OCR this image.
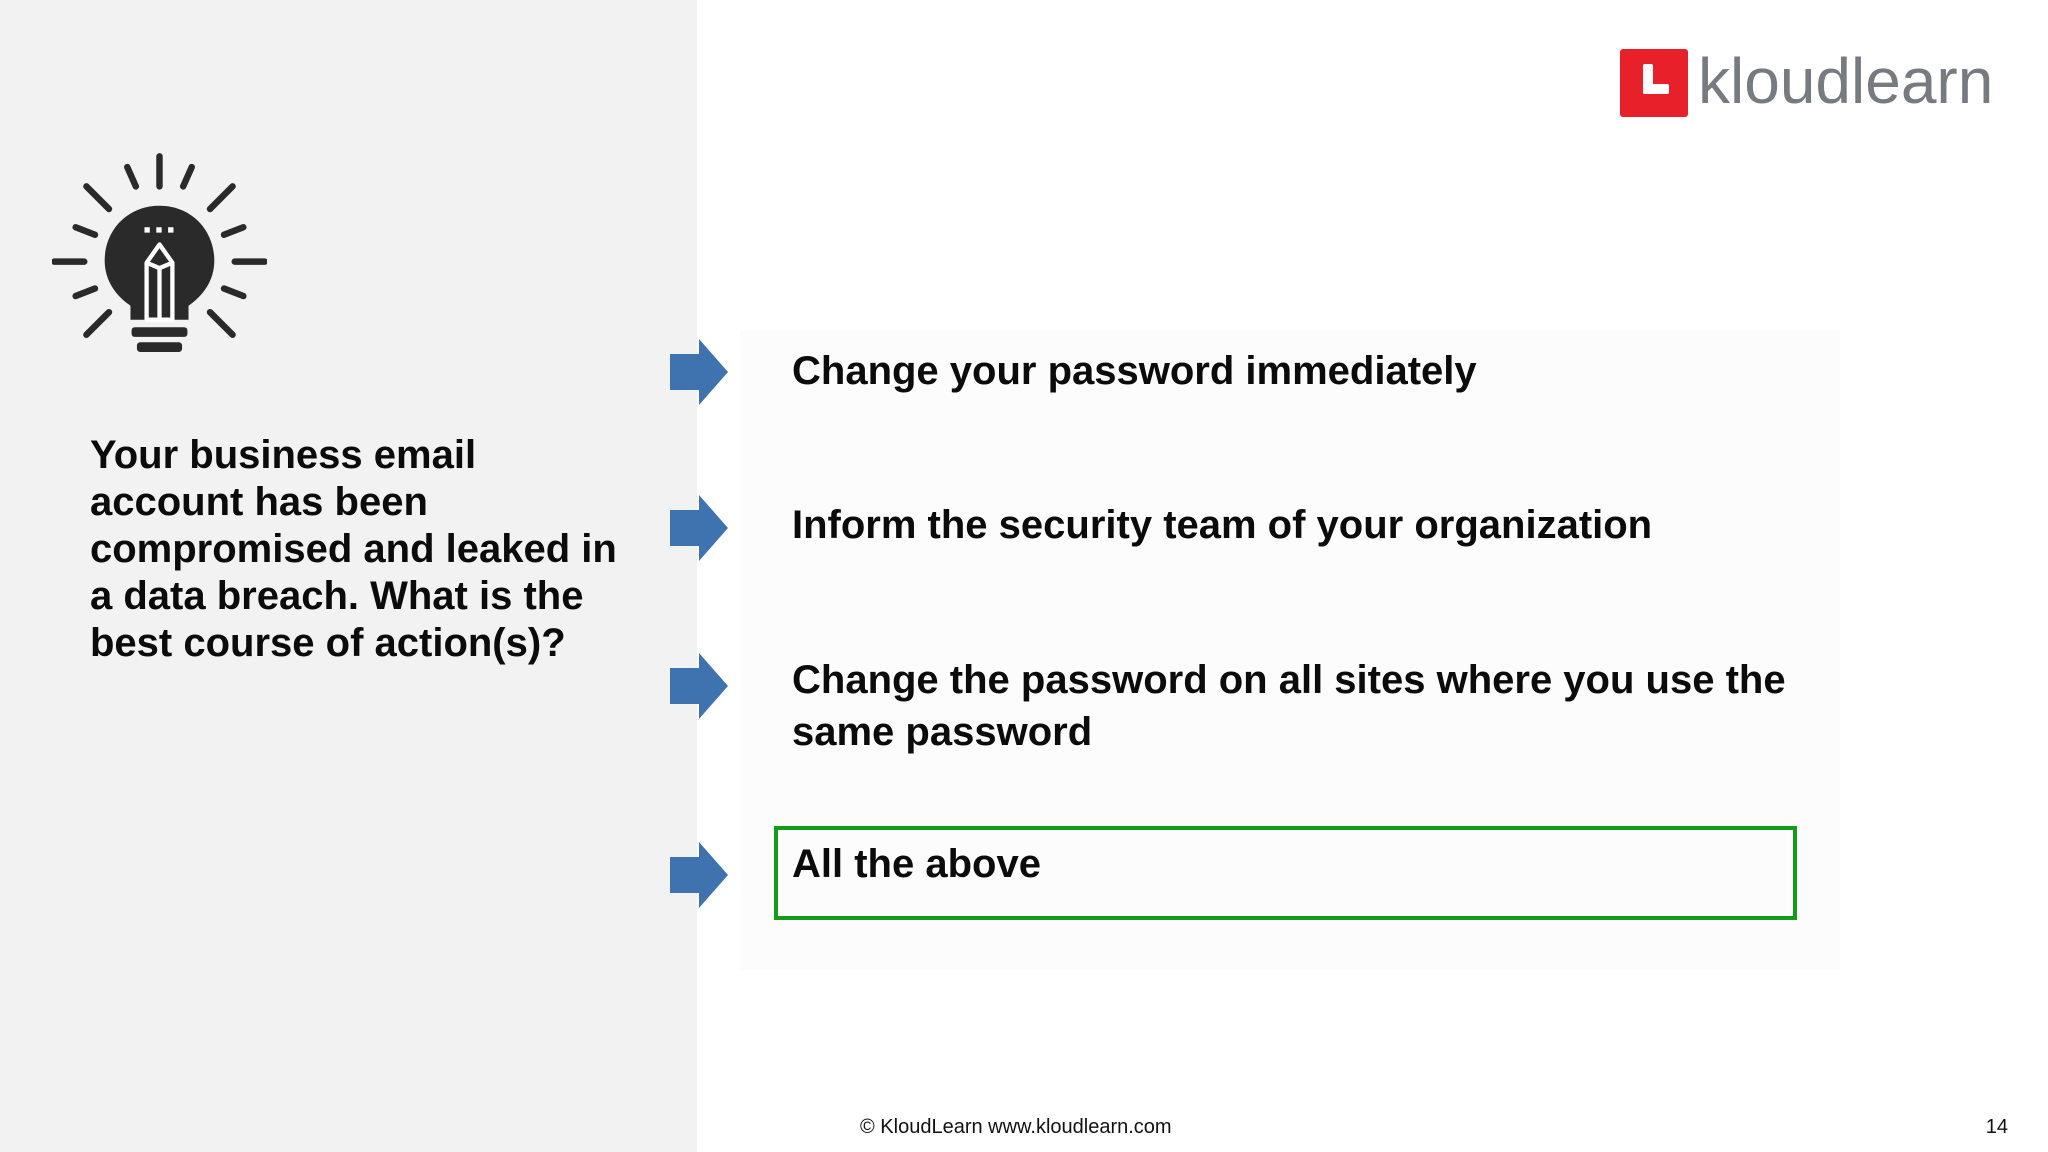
Your business email account has been compromised and leaked in a data breach. What is the best course of action(s)?

kloudlearn
Change your password immediately
Inform the security team of your organization
Change the password on all sites where you use the same password
All the above
© KloudLearn www.kloudlearn.com	14
